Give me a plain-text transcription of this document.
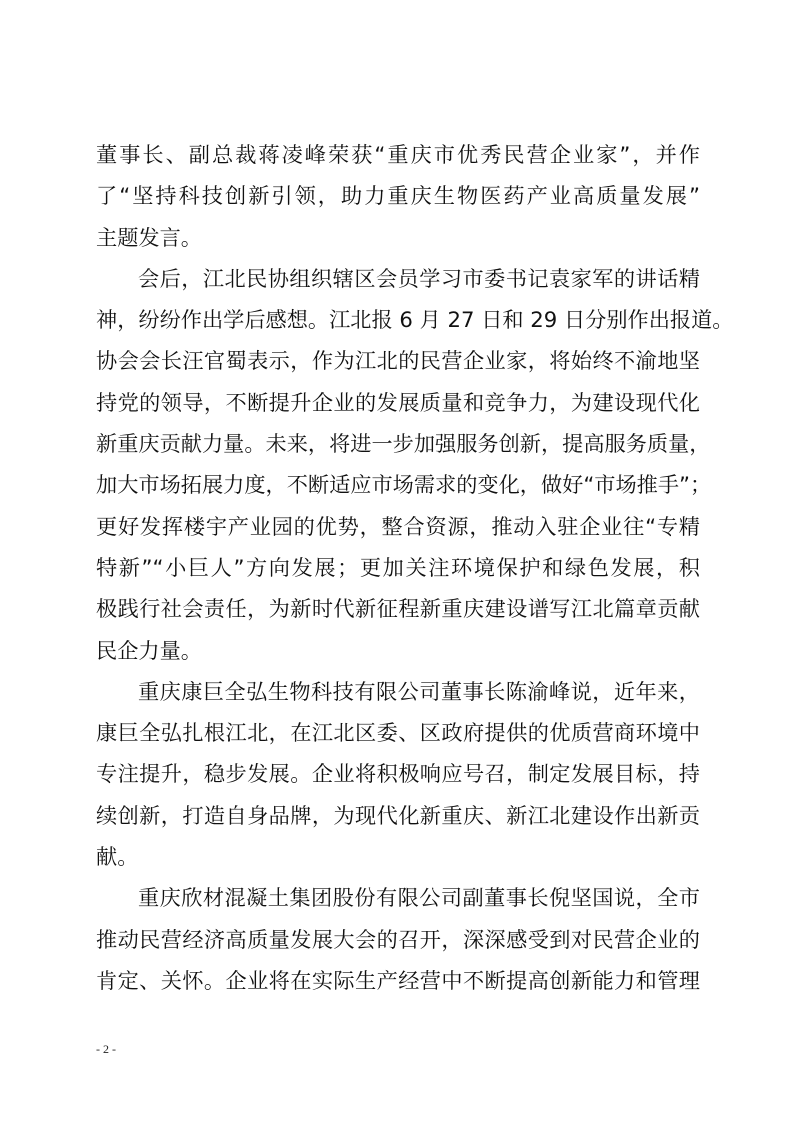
董事长、副总裁蒋凌峰荣获“重庆市优秀民营企业家”，并作
了“坚持科技创新引领，助力重庆生物医药产业高质量发展”
主题发言。
会后，江北民协组织辖区会员学习市委书记袁家军的讲话精
神，纷纷作出学后感想。江北报 6 月 27 日和 29 日分别作出报道。
协会会长汪官蜀表示，作为江北的民营企业家，将始终不渝地坚
持党的领导，不断提升企业的发展质量和竞争力，为建设现代化
新重庆贡献力量。未来，将进一步加强服务创新，提高服务质量，
加大市场拓展力度，不断适应市场需求的变化，做好“市场推手”；
更好发挥楼宇产业园的优势，整合资源，推动入驻企业往“专精
特新”“小巨人”方向发展；更加关注环境保护和绿色发展，积
极践行社会责任，为新时代新征程新重庆建设谱写江北篇章贡献
民企力量。
重庆康巨全弘生物科技有限公司董事长陈渝峰说，近年来，
康巨全弘扎根江北，在江北区委、区政府提供的优质营商环境中
专注提升，稳步发展。企业将积极响应号召，制定发展目标，持
续创新，打造自身品牌，为现代化新重庆、新江北建设作出新贡
献。
重庆欣材混凝土集团股份有限公司副董事长倪坚国说，全市
推动民营经济高质量发展大会的召开，深深感受到对民营企业的
肯定、关怀。企业将在实际生产经营中不断提高创新能力和管理
- 2 -
